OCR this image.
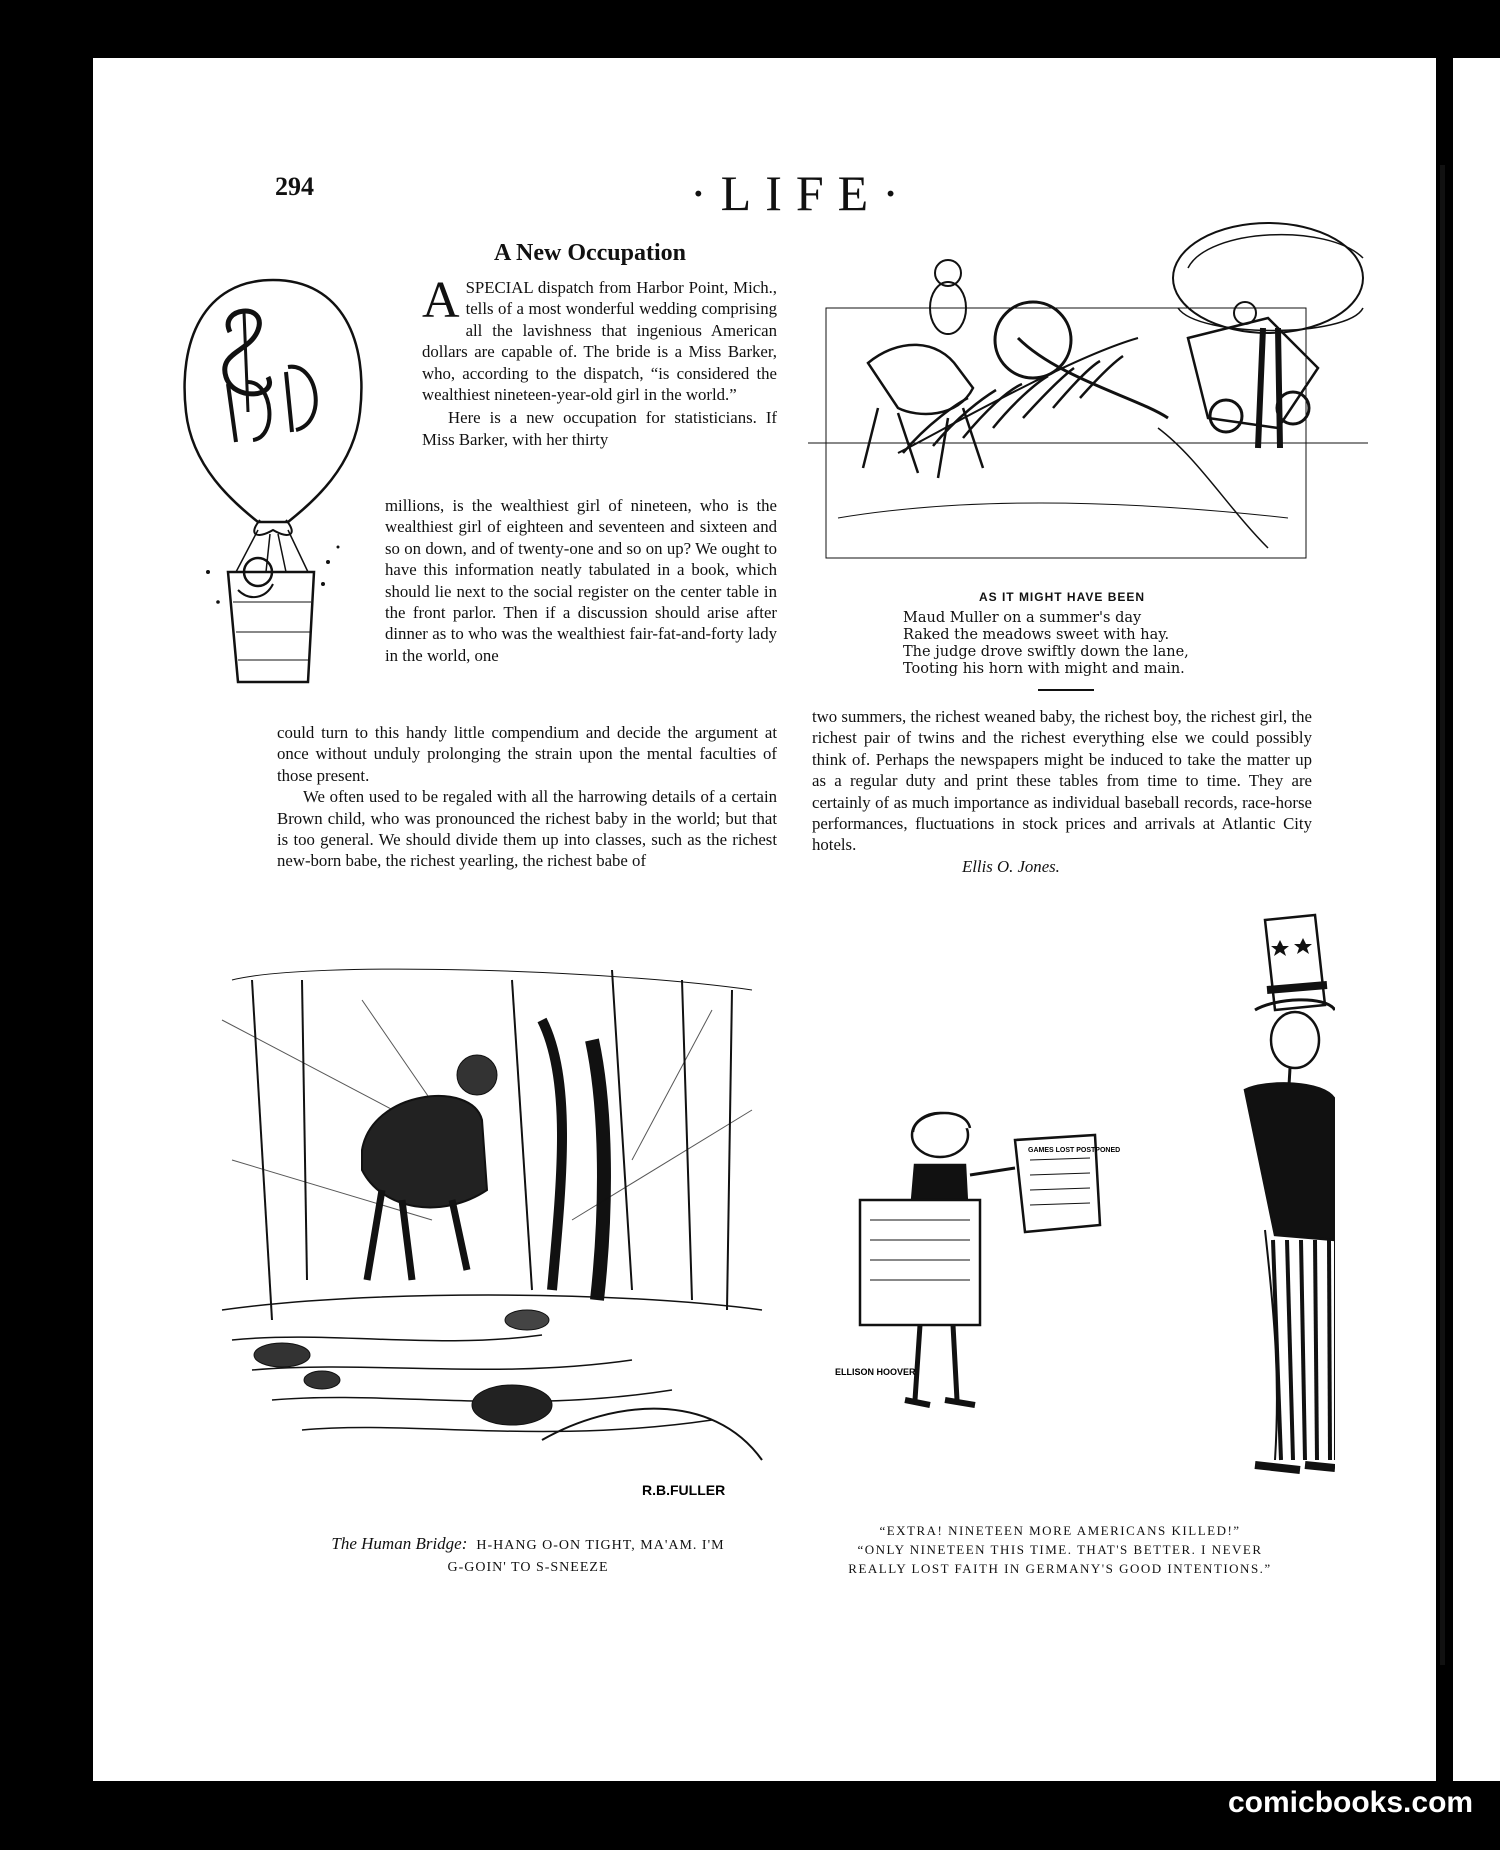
294	·LIFE·
A New Occupation

A SPECIAL dispatch from Harbor Point, Mich., tells of a most wonderful wedding comprising all the lavishness that ingenious American dollars are capable of. The bride is a Miss Barker, who, according to the dispatch, “is considered the wealthiest nineteen-year-old girl in the world.”

Here is a new occupation for statisticians. If Miss Barker, with her thirty

millions, is the wealthiest girl of nineteen, who is the wealthiest girl of eighteen and seventeen and sixteen and so on down, and of twenty-one and so on up? We ought to have this information neatly tabulated in a book, which should lie next to the social register on the center table in the front parlor. Then if a discussion should arise after dinner as to who was the wealthiest fair-fat-and-forty lady in the world, one

could turn to this handy little compendium and decide the argument at once without unduly prolonging the strain upon the mental faculties of those present.

We often used to be regaled with all the harrowing details of a certain Brown child, who was pronounced the richest baby in the world; but that is too general. We should divide them up into classes, such as the richest new-born babe, the richest yearling, the richest babe of

two summers, the richest weaned baby, the richest boy, the richest girl, the richest pair of twins and the richest everything else we could possibly think of. Perhaps the newspapers might be induced to take the matter up as a regular duty and print these tables from time to time. They are certainly of as much importance as individual baseball records, race-horse performances, fluctuations in stock prices and arrivals at Atlantic City hotels.

Ellis O. Jones.

AS IT MIGHT HAVE BEEN
Maud Muller on a summer's day
Raked the meadows sweet with hay.
The judge drove swiftly down the lane,
Tooting his horn with might and main.
R.B.FULLER
The Human Bridge: H-HANG O-ON TIGHT, MA'AM. I'M
G-GOIN' TO S-SNEEZE
GAMES LOST POSTPONED
ELLISON HOOVER
“EXTRA! NINETEEN MORE AMERICANS KILLED!”
“ONLY NINETEEN THIS TIME. THAT'S BETTER. I NEVER
REALLY LOST FAITH IN GERMANY'S GOOD INTENTIONS.”
comicbooks.com
